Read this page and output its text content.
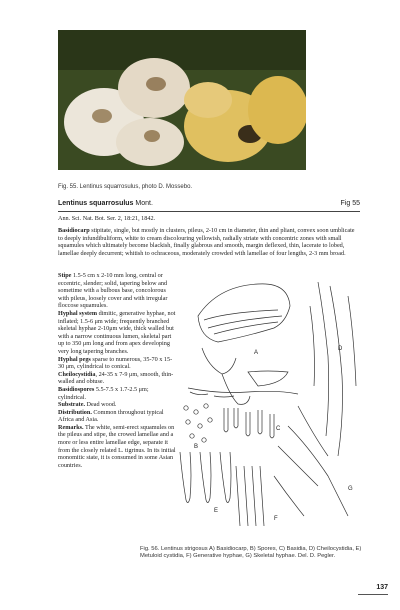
Fig. 55. Lentinus squarrosulus, photo D. Mossebo.
Lentinus squarrosulus Mont.	Fig 55
Ann. Sci. Nat. Bot. Ser. 2, 18:21, 1842.
Basidiocarp stipitate, single, but mostly in clusters, pileus, 2-10 cm in diameter, thin and pliant, convex soon umblicate to deeply infundibuliform, white to cream discolouring yellowish, radially striate with concentric zones with small squamules which ultimately become blackish, finally glabrous and smooth, margin deflexed, thin, lacerate to lobed, lamellae deeply decurrent; whitish to ochraceous, moderately crowded with lamellae of four lengths, 2-3 mm broad.

Stipe 1.5-5 cm x 2-10 mm long, central or eccentric, slender; solid, tapering below and sometime with a bulbous base, concolorous with pileus, loosely cover and with irregular floccose squamules.

Hyphal system dimitic, generative hyphae, not inflated; 1.5-6 μm wide; frequently branched skeletal hyphae 2-10μm wide, thick walled but with a narrow continuous lumen, skeletal part up to 350 μm long and from apex developing very long tapering branches.

Hyphal pegs sparse to numerous, 35-70 x 15-30 μm, cylindrical to conical.

Cheilocystidia, 24-35 x 7-9 μm, smooth, thin-walled and obtuse.

Basidiospores 5.5-7.5 x 1.7-2.5 μm; cylindrical.

Substrate. Dead wood.

Distribution. Common throughout typical Africa and Asia.

Remarks. The white, semi-erect squamules on the pileus and stipe, the crowed lamellae and a more or less entire lamellae edge, separate it from the closely related L. tigrinus. In its initial monomitic state, it is consumed in some Asian countries.

A
B
C
D
E
F
G
Fig. 56. Lentinus strigosus A) Basidiocarp, B) Spores, C) Basidia, D) Cheilocystidia, E) Metuloid cystidia, F) Generative hyphae, G) Skeletal hyphae. Del. D. Pegler.
137
